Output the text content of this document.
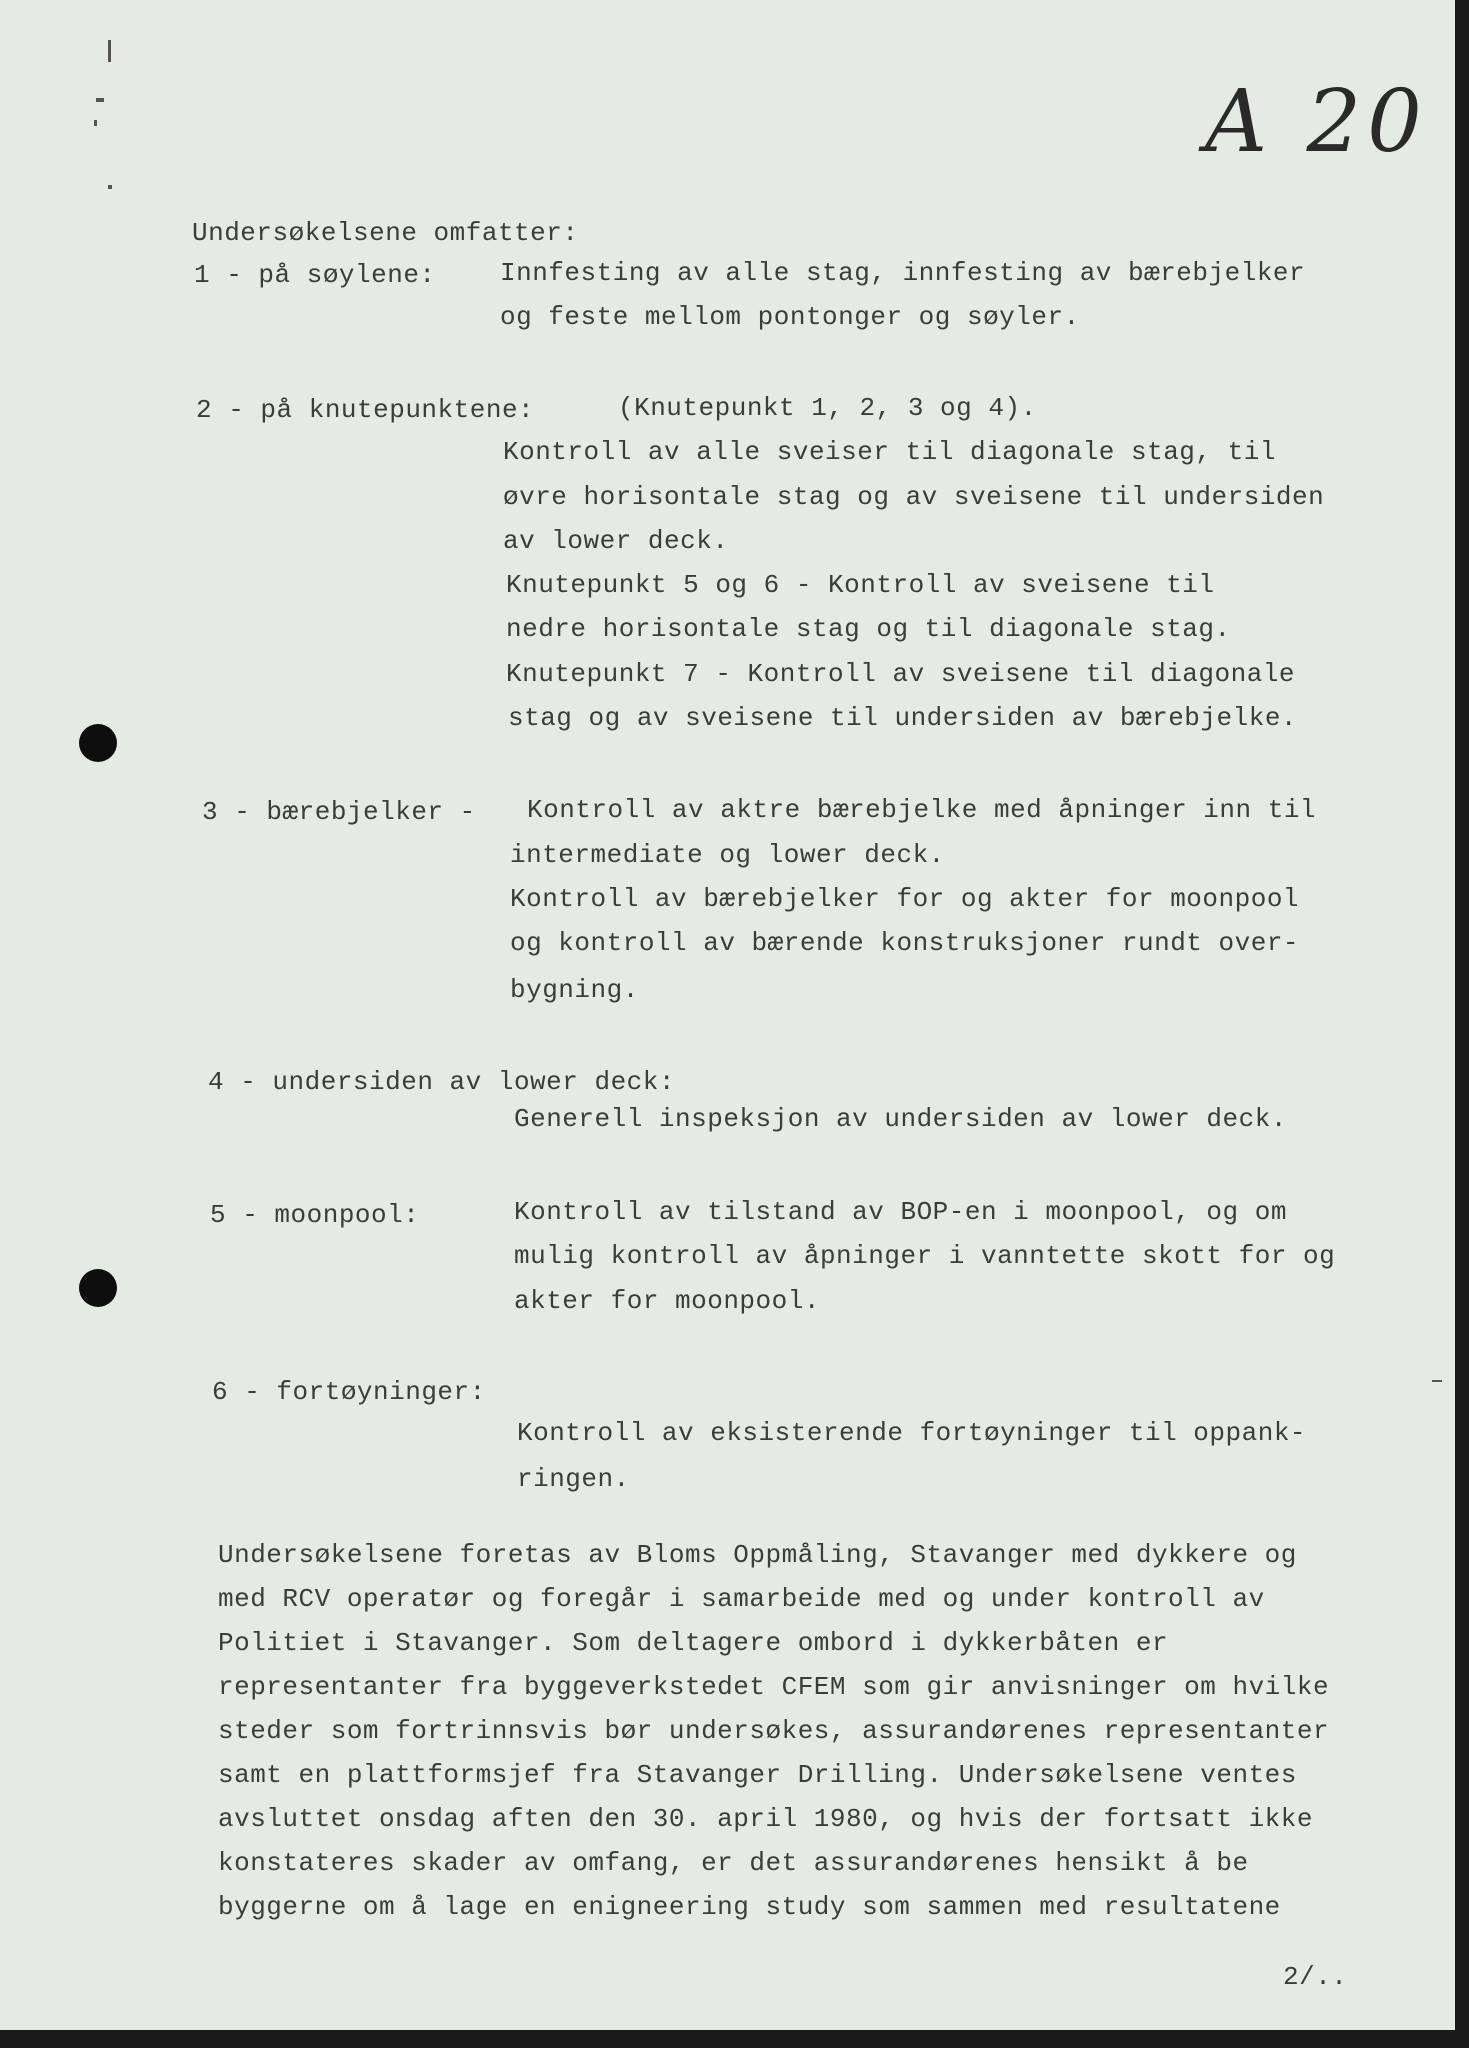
A 20
Undersøkelsene omfatter:
1 - på søylene: Innfesting av alle stag, innfesting av bærebjelker
og feste mellom pontonger og søyler.
2 - på knutepunktene:	(Knutepunkt 1, 2, 3 og 4).
Kontroll av alle sveiser til diagonale stag, til
øvre horisontale stag og av sveisene til undersiden
av lower deck.
Knutepunkt 5 og 6 - Kontroll av sveisene til
nedre horisontale stag og til diagonale stag.
Knutepunkt 7 - Kontroll av sveisene til diagonale
stag og av sveisene til undersiden av bærebjelke.
3 - bærebjelker - Kontroll av aktre bærebjelke med åpninger inn til
intermediate og lower deck.
Kontroll av bærebjelker for og akter for moonpool
og kontroll av bærende konstruksjoner rundt over-
bygning.
4 - undersiden av lower deck:
Generell inspeksjon av undersiden av lower deck.
5 - moonpool:	Kontroll av tilstand av BOP-en i moonpool, og om
mulig kontroll av åpninger i vanntette skott for og
akter for moonpool.
6 - fortøyninger:
Kontroll av eksisterende fortøyninger til oppank-
ringen.
Undersøkelsene foretas av Bloms Oppmåling, Stavanger med dykkere og
med RCV operatør og foregår i samarbeide med og under kontroll av
Politiet i Stavanger. Som deltagere ombord i dykkerbåten er
representanter fra byggeverkstedet CFEM som gir anvisninger om hvilke
steder som fortrinnsvis bør undersøkes, assurandørenes representanter
samt en plattformsjef fra Stavanger Drilling. Undersøkelsene ventes
avsluttet onsdag aften den 30. april 1980, og hvis der fortsatt ikke
konstateres skader av omfang, er det assurandørenes hensikt å be
byggerne om å lage en enigneering study som sammen med resultatene
2/..
